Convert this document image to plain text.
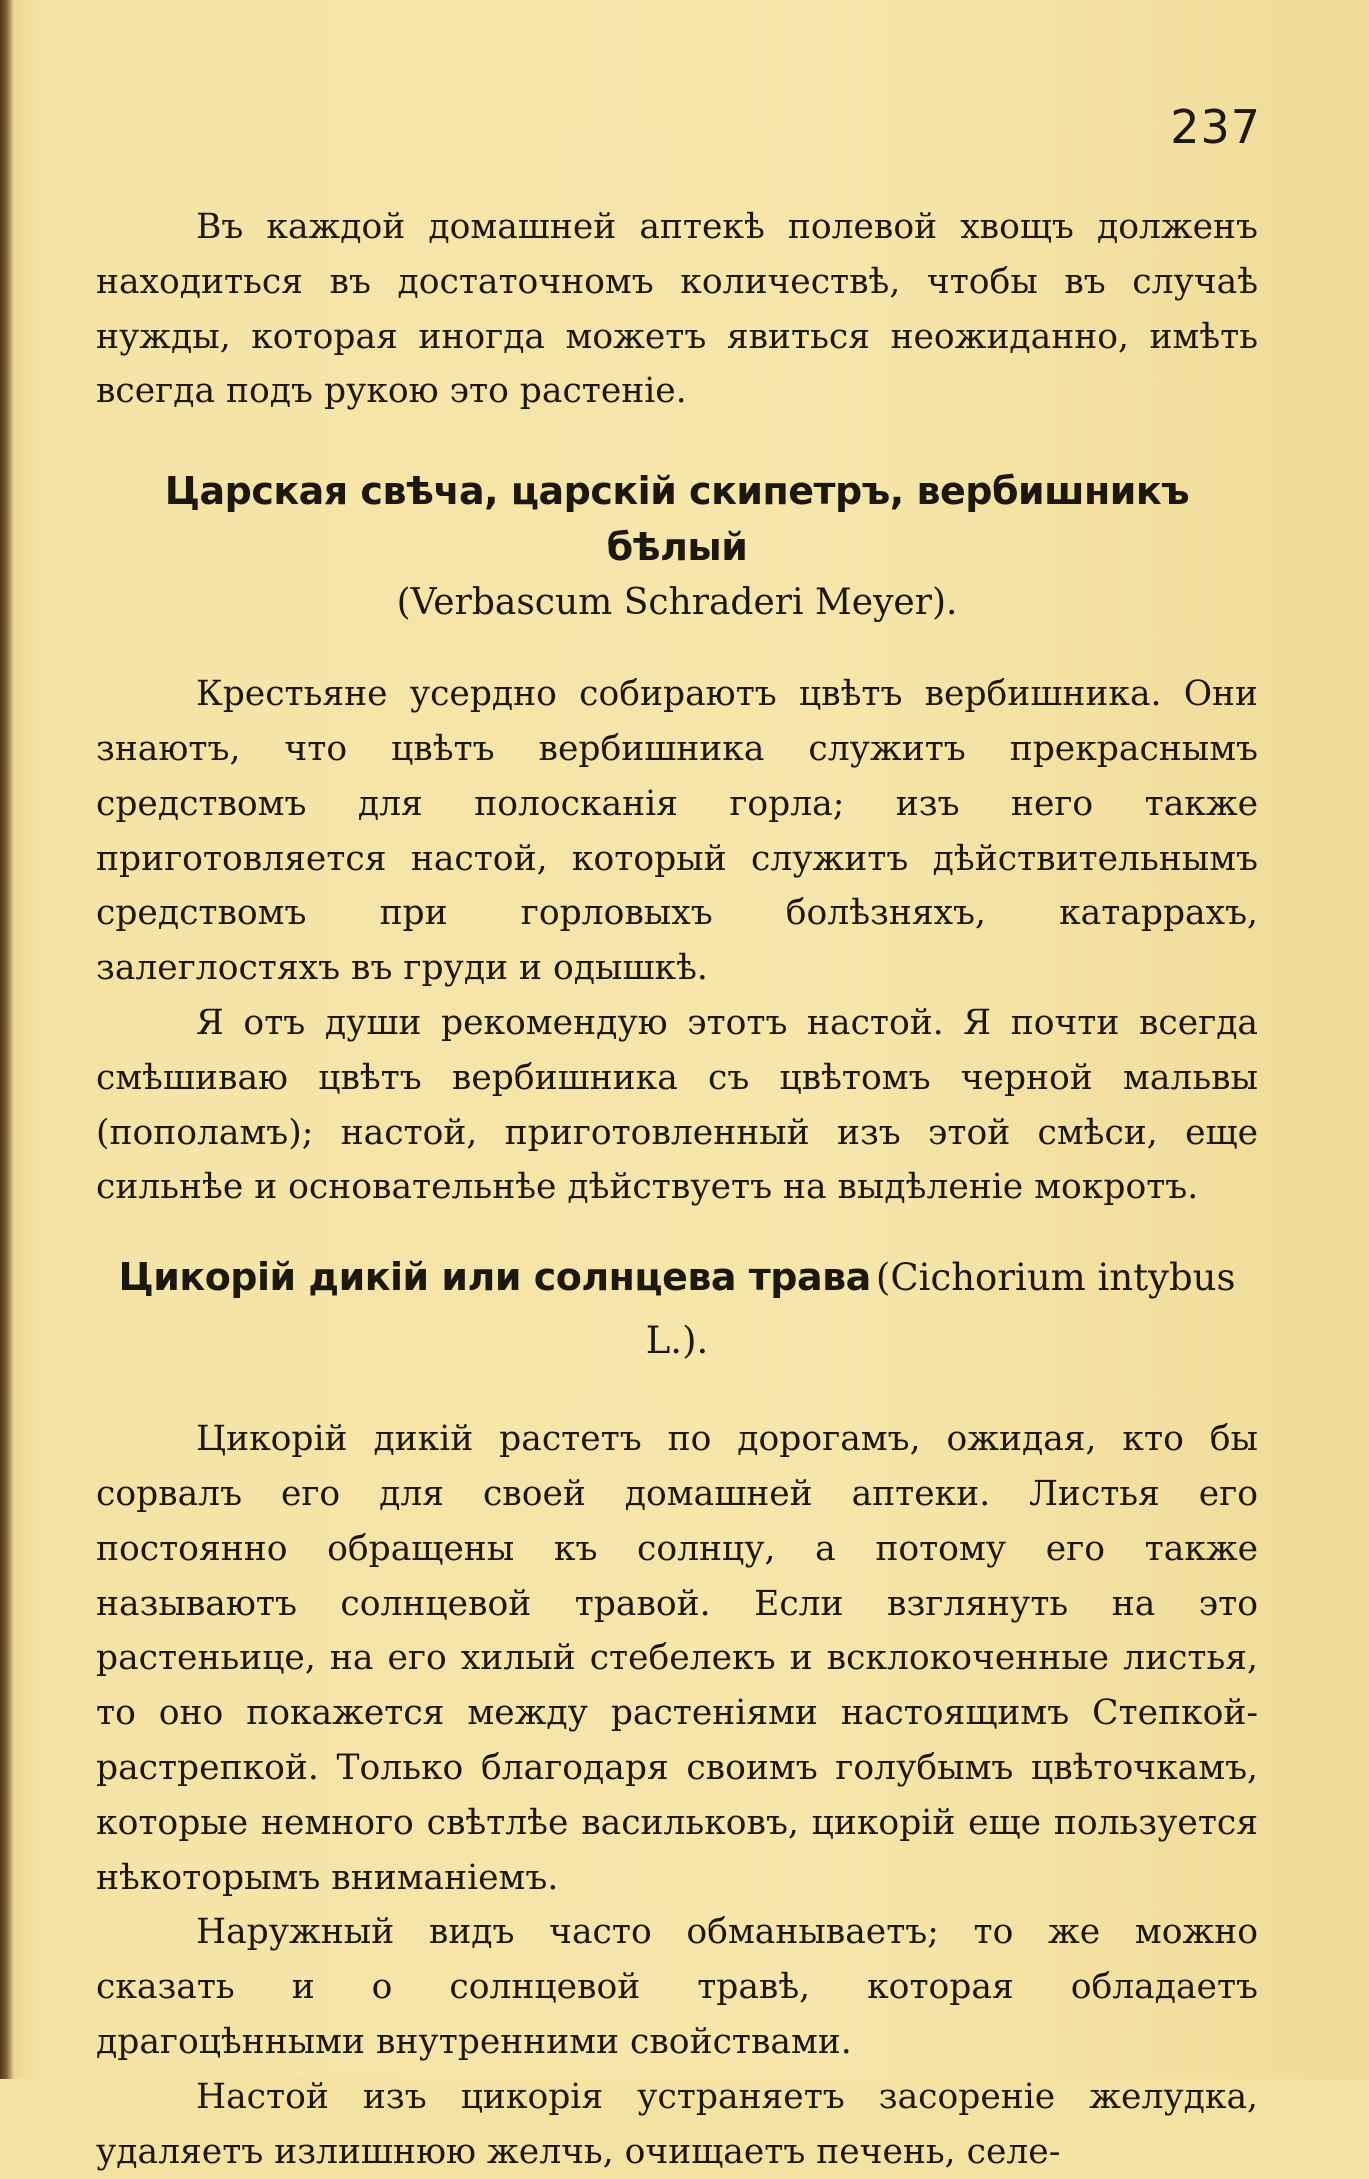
237

Въ каждой домашней аптекѣ полевой хвощъ долженъ находиться въ достаточномъ количествѣ, чтобы въ случаѣ нужды, которая иногда можетъ явиться неожиданно, имѣть всегда подъ рукою это растеніе.

Царская свѣча, царскій скипетръ, вербишникъ бѣлый
(Verbascum Schraderi Meyer).

Крестьяне усердно собираютъ цвѣтъ вербишника. Они знаютъ, что цвѣтъ вербишника служитъ прекраснымъ средствомъ для полосканія горла; изъ него также приготовляется настой, который служитъ дѣйствительнымъ средствомъ при горловыхъ болѣзняхъ, катаррахъ, залеглостяхъ въ груди и одышкѣ.

Я отъ души рекомендую этотъ настой. Я почти всегда смѣшиваю цвѣтъ вербишника съ цвѣтомъ черной мальвы (пополамъ); настой, приготовленный изъ этой смѣси, еще сильнѣе и основательнѣе дѣйствуетъ на выдѣленіе мокротъ.

Цикорій дикій или солнцева трава (Cichorium intybus L.).

Цикорій дикій растетъ по дорогамъ, ожидая, кто бы сорвалъ его для своей домашней аптеки. Листья его постоянно обращены къ солнцу, а потому его также называютъ солнцевой травой. Если взглянуть на это растеньице, на его хилый стебелекъ и всклокоченные листья, то оно покажется между растеніями настоящимъ Степкой-растрепкой. Только благодаря своимъ голубымъ цвѣточкамъ, которые немного свѣтлѣе васильковъ, цикорій еще пользуется нѣкоторымъ вниманіемъ.

Наружный видъ часто обманываетъ; то же можно сказать и о солнцевой травѣ, которая обладаетъ драгоцѣнными внутренними свойствами.

Настой изъ цикорія устраняетъ засореніе желудка, удаляетъ излишнюю желчь, очищаетъ печень, селе-
